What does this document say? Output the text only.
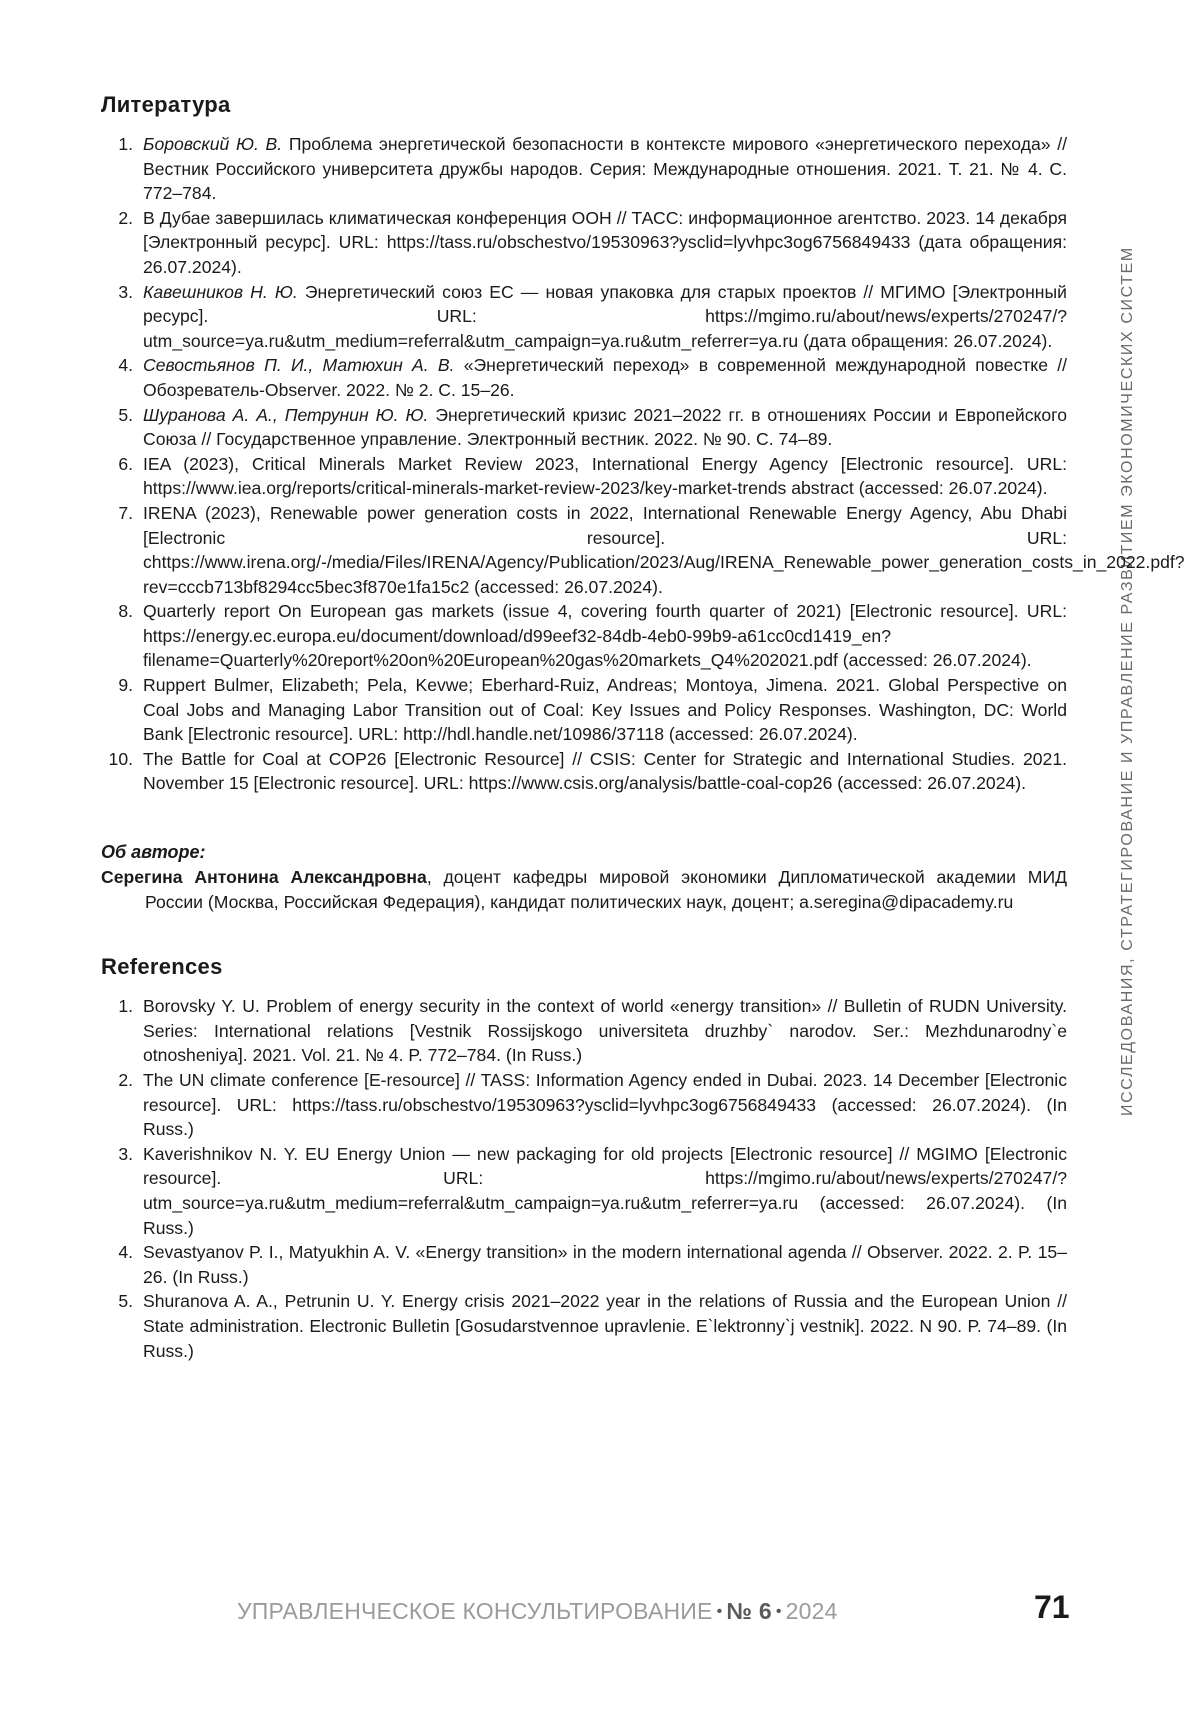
ИССЛЕДОВАНИЯ, СТРАТЕГИРОВАНИЕ И УПРАВЛЕНИЕ РАЗВИТИЕМ ЭКОНОМИЧЕСКИХ СИСТЕМ
Литература
1. Боровский Ю. В. Проблема энергетической безопасности в контексте мирового «энергетического перехода» // Вестник Российского университета дружбы народов. Серия: Международные отношения. 2021. Т. 21. № 4. С. 772–784.
2. В Дубае завершилась климатическая конференция ООН // ТАСС: информационное агентство. 2023. 14 декабря [Электронный ресурс]. URL: https://tass.ru/obschestvo/19530963?ysclid=lyvhpc3og6756849433 (дата обращения: 26.07.2024).
3. Кавешников Н. Ю. Энергетический союз ЕС — новая упаковка для старых проектов // МГИМО [Электронный ресурс]. URL: https://mgimo.ru/about/news/experts/270247/?utm_source=ya.ru&utm_medium=referral&utm_campaign=ya.ru&utm_referrer=ya.ru (дата обращения: 26.07.2024).
4. Севостьянов П. И., Матюхин А. В. «Энергетический переход» в современной международной повестке // Обозреватель-Observer. 2022. № 2. С. 15–26.
5. Шуранова А. А., Петрунин Ю. Ю. Энергетический кризис 2021–2022 гг. в отношениях России и Европейского Союза // Государственное управление. Электронный вестник. 2022. № 90. С. 74–89.
6. IEA (2023), Critical Minerals Market Review 2023, International Energy Agency [Electronic resource]. URL: https://www.iea.org/reports/critical-minerals-market-review-2023/key-market-trends abstract (accessed: 26.07.2024).
7. IRENA (2023), Renewable power generation costs in 2022, International Renewable Energy Agency, Abu Dhabi [Electronic resource]. URL: chttps://www.irena.org/-/media/Files/IRENA/Agency/Publication/2023/Aug/IRENA_Renewable_power_generation_costs_in_2022.pdf?rev=cccb713bf8294cc5bec3f870e1fa15c2 (accessed: 26.07.2024).
8. Quarterly report On European gas markets (issue 4, covering fourth quarter of 2021) [Electronic resource]. URL: https://energy.ec.europa.eu/document/download/d99eef32-84db-4eb0-99b9-a61cc0cd1419_en?filename=Quarterly%20report%20on%20European%20gas%20markets_Q4%202021.pdf (accessed: 26.07.2024).
9. Ruppert Bulmer, Elizabeth; Pela, Kevwe; Eberhard-Ruiz, Andreas; Montoya, Jimena. 2021. Global Perspective on Coal Jobs and Managing Labor Transition out of Coal: Key Issues and Policy Responses. Washington, DC: World Bank [Electronic resource]. URL: http://hdl.handle.net/10986/37118 (accessed: 26.07.2024).
10. The Battle for Coal at COP26 [Electronic Resource] // CSIS: Center for Strategic and International Studies. 2021. November 15 [Electronic resource]. URL: https://www.csis.org/analysis/battle-coal-cop26 (accessed: 26.07.2024).
Об авторе:
Серегина Антонина Александровна, доцент кафедры мировой экономики Дипломатической академии МИД России (Москва, Российская Федерация), кандидат политических наук, доцент; a.seregina@dipacademy.ru
References
1. Borovsky Y. U. Problem of energy security in the context of world «energy transition» // Bulletin of RUDN University. Series: International relations [Vestnik Rossijskogo universiteta druzhby` narodov. Ser.: Mezhdunarodny`e otnosheniya]. 2021. Vol. 21. № 4. P. 772–784. (In Russ.)
2. The UN climate conference [E-resource] // TASS: Information Agency ended in Dubai. 2023. 14 December [Electronic resource]. URL: https://tass.ru/obschestvo/19530963?ysclid=lyvhpc3og6756849433 (accessed: 26.07.2024). (In Russ.)
3. Kaverishnikov N. Y. EU Energy Union — new packaging for old projects [Electronic resource] // MGIMO [Electronic resource]. URL: https://mgimo.ru/about/news/experts/270247/?utm_source=ya.ru&utm_medium=referral&utm_campaign=ya.ru&utm_referrer=ya.ru (accessed: 26.07.2024). (In Russ.)
4. Sevastyanov P. I., Matyukhin A. V. «Energy transition» in the modern international agenda // Observer. 2022. 2. P. 15–26. (In Russ.)
5. Shuranova A. A., Petrunin U. Y. Energy crisis 2021–2022 year in the relations of Russia and the European Union // State administration. Electronic Bulletin [Gosudarstvennoe upravlenie. E`lektronny`j vestnik]. 2022. N 90. P. 74–89. (In Russ.)
УПРАВЛЕНЧЕСКОЕ КОНСУЛЬТИРОВАНИЕ • № 6 • 2024	71
